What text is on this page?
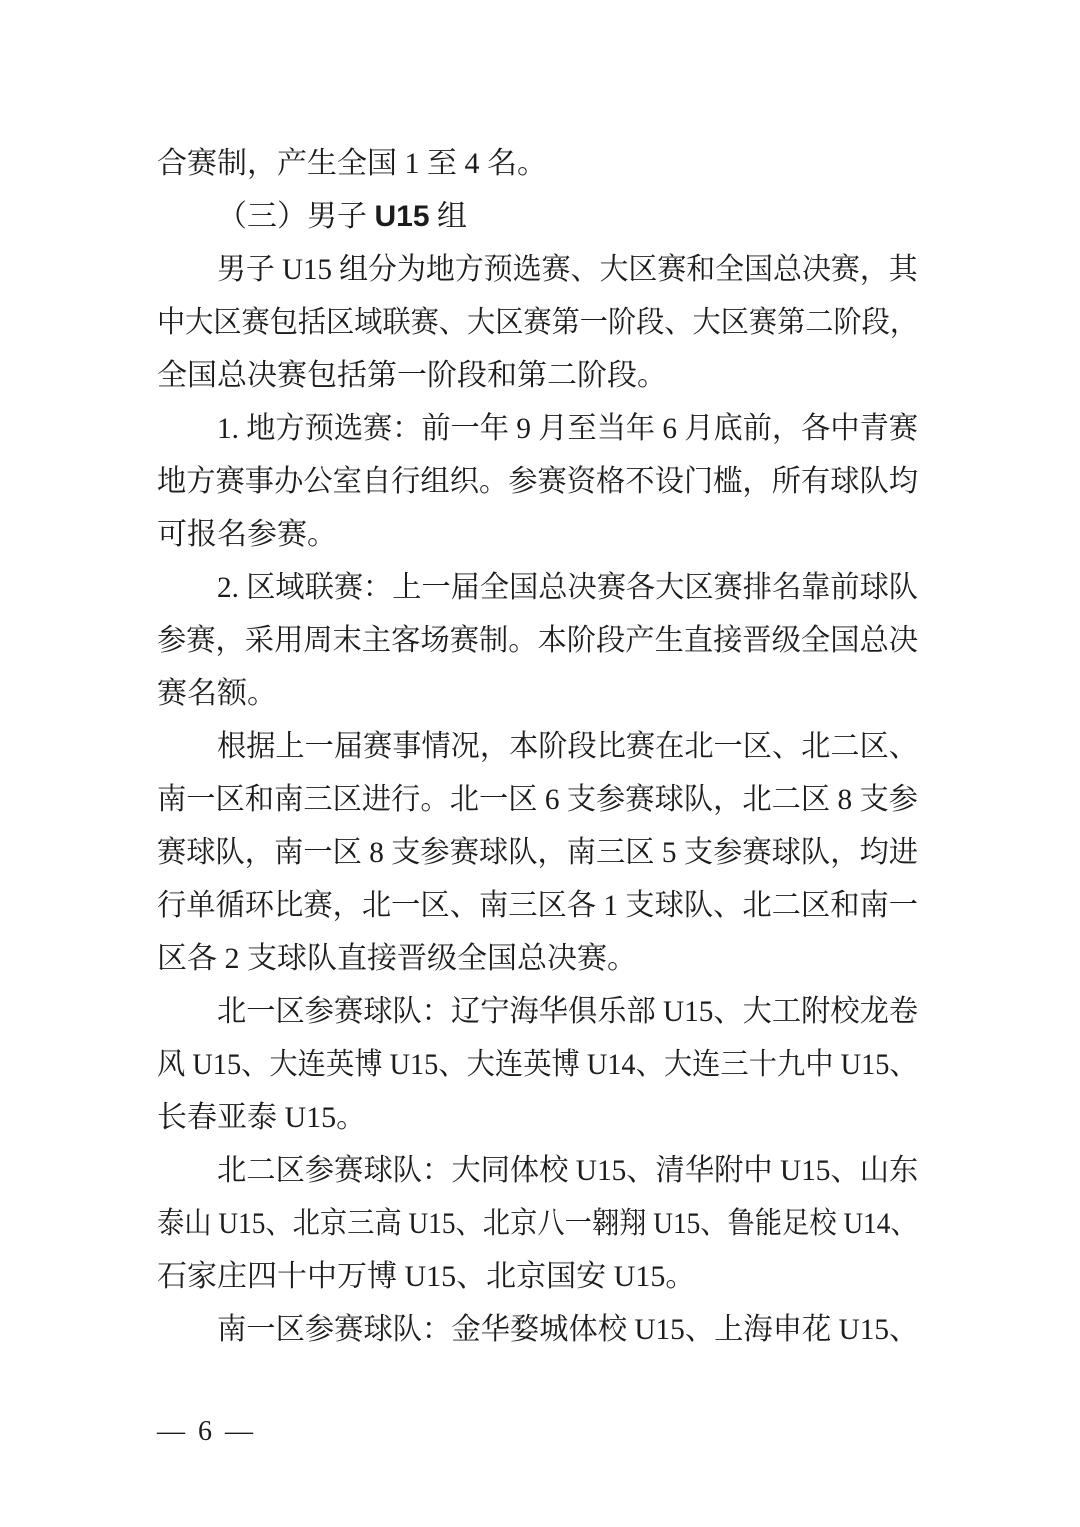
合赛制，产生全国 1 至 4 名。
（三）男子 U15 组
男子 U15 组分为地方预选赛、大区赛和全国总决赛，其
中大区赛包括区域联赛、大区赛第一阶段、大区赛第二阶段，
全国总决赛包括第一阶段和第二阶段。
1. 地方预选赛：前一年 9 月至当年 6 月底前，各中青赛
地方赛事办公室自行组织。参赛资格不设门槛，所有球队均
可报名参赛。
2. 区域联赛：上一届全国总决赛各大区赛排名靠前球队
参赛，采用周末主客场赛制。本阶段产生直接晋级全国总决
赛名额。
根据上一届赛事情况，本阶段比赛在北一区、北二区、
南一区和南三区进行。北一区 6 支参赛球队，北二区 8 支参
赛球队，南一区 8 支参赛球队，南三区 5 支参赛球队，均进
行单循环比赛，北一区、南三区各 1 支球队、北二区和南一
区各 2 支球队直接晋级全国总决赛。
北一区参赛球队：辽宁海华俱乐部 U15、大工附校龙卷
风 U15、大连英博 U15、大连英博 U14、大连三十九中 U15、
长春亚泰 U15。
北二区参赛球队：大同体校 U15、清华附中 U15、山东
泰山 U15、北京三高 U15、北京八一翱翔 U15、鲁能足校 U14、
石家庄四十中万博 U15、北京国安 U15。
南一区参赛球队：金华婺城体校 U15、上海申花 U15、
— 6 —
